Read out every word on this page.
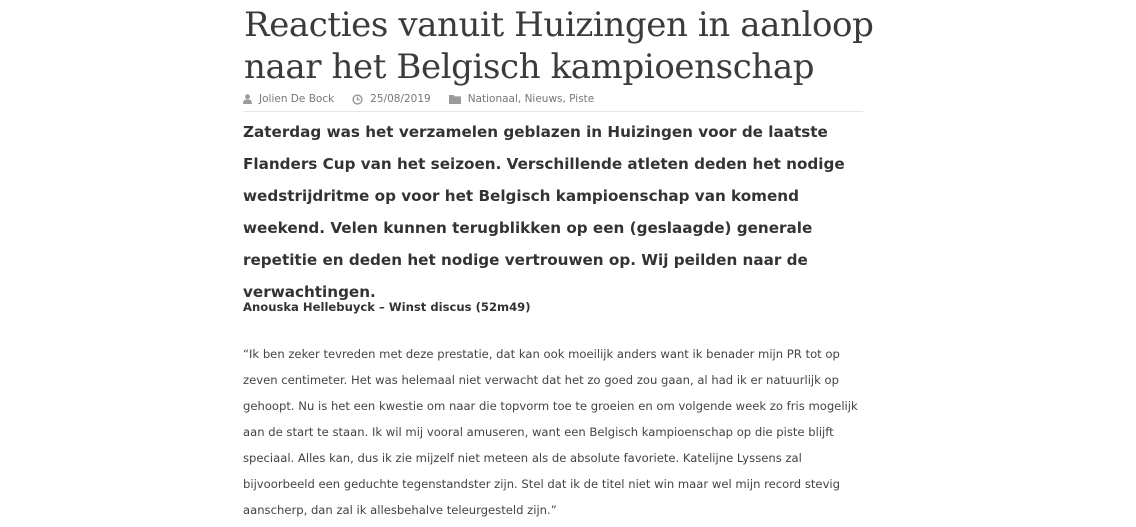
Reacties vanuit Huizingen in aanloop naar het Belgisch kampioenschap
Jolien De Bock	25/08/2019	Nationaal, Nieuws, Piste

Zaterdag was het verzamelen geblazen in Huizingen voor de laatste Flanders Cup van het seizoen. Verschillende atleten deden het nodige wedstrijdritme op voor het Belgisch kampioenschap van komend weekend. Velen kunnen terugblikken op een (geslaagde) generale repetitie en deden het nodige vertrouwen op. Wij peilden naar de verwachtingen.

Anouska Hellebuyck – Winst discus (52m49)

“Ik ben zeker tevreden met deze prestatie, dat kan ook moeilijk anders want ik benader mijn PR tot op zeven centimeter. Het was helemaal niet verwacht dat het zo goed zou gaan, al had ik er natuurlijk op gehoopt. Nu is het een kwestie om naar die topvorm toe te groeien en om volgende week zo fris mogelijk aan de start te staan. Ik wil mij vooral amuseren, want een Belgisch kampioenschap op die piste blijft speciaal. Alles kan, dus ik zie mijzelf niet meteen als de absolute favoriete. Katelijne Lyssens zal bijvoorbeeld een geduchte tegenstandster zijn. Stel dat ik de titel niet win maar wel mijn record stevig aanscherp, dan zal ik allesbehalve teleurgesteld zijn.”
